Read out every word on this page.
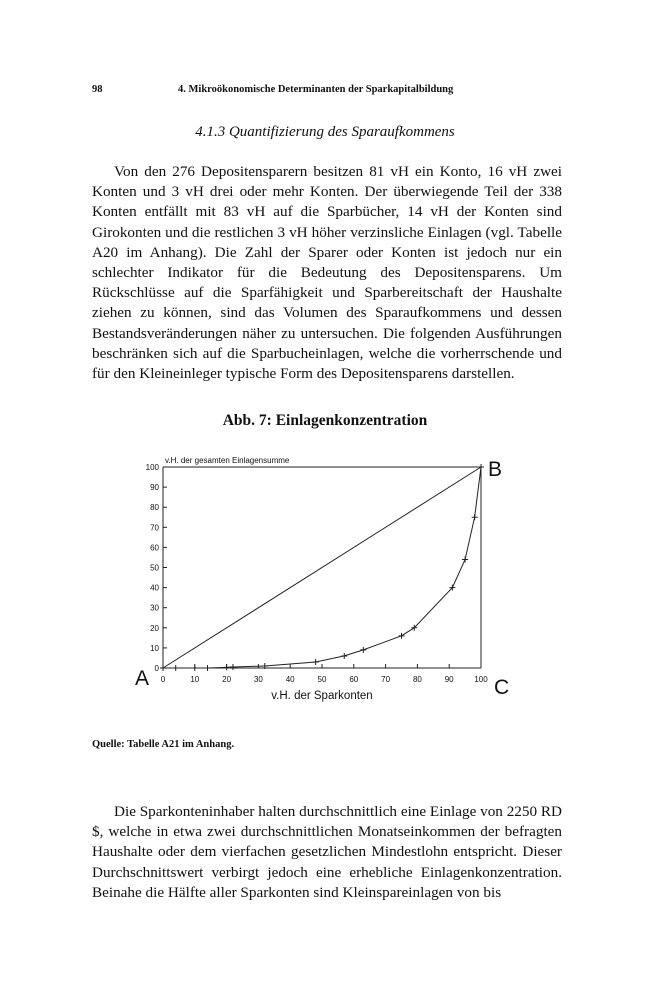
98	4. Mikroökonomische Determinanten der Sparkapitalbildung
4.1.3 Quantifizierung des Sparaufkommens

Von den 276 Depositensparern besitzen 81 vH ein Konto, 16 vH zwei Konten und 3 vH drei oder mehr Konten. Der überwiegende Teil der 338 Konten entfällt mit 83 vH auf die Sparbücher, 14 vH der Konten sind Girokonten und die restlichen 3 vH höher verzinsliche Einlagen (vgl. Tabelle A20 im Anhang). Die Zahl der Sparer oder Konten ist jedoch nur ein schlechter Indikator für die Bedeutung des Depositensparens. Um Rückschlüsse auf die Sparfähigkeit und Sparbereitschaft der Haushalte ziehen zu können, sind das Volumen des Sparaufkommens und dessen Bestandsveränderungen näher zu untersuchen. Die folgenden Ausführungen beschränken sich auf die Sparbucheinlagen, welche die vorherrschende und für den Kleineinleger typische Form des Depositensparens darstellen.

Abb. 7: Einlagenkonzentration
0
10
20
30
40
50
60
70
80
90
100
0	10	20	30	40	50	60	70	80	90	100
v.H. der gesamten Einlagensumme
v.H. der Sparkonten
A
B
C
Quelle: Tabelle A21 im Anhang.

Die Sparkonteninhaber halten durchschnittlich eine Einlage von 2250 RD $, welche in etwa zwei durchschnittlichen Monatseinkommen der befragten Haushalte oder dem vierfachen gesetzlichen Mindestlohn entspricht. Dieser Durchschnittswert verbirgt jedoch eine erhebliche Einlagenkonzentration. Beinahe die Hälfte aller Sparkonten sind Kleinspareinlagen von bis
